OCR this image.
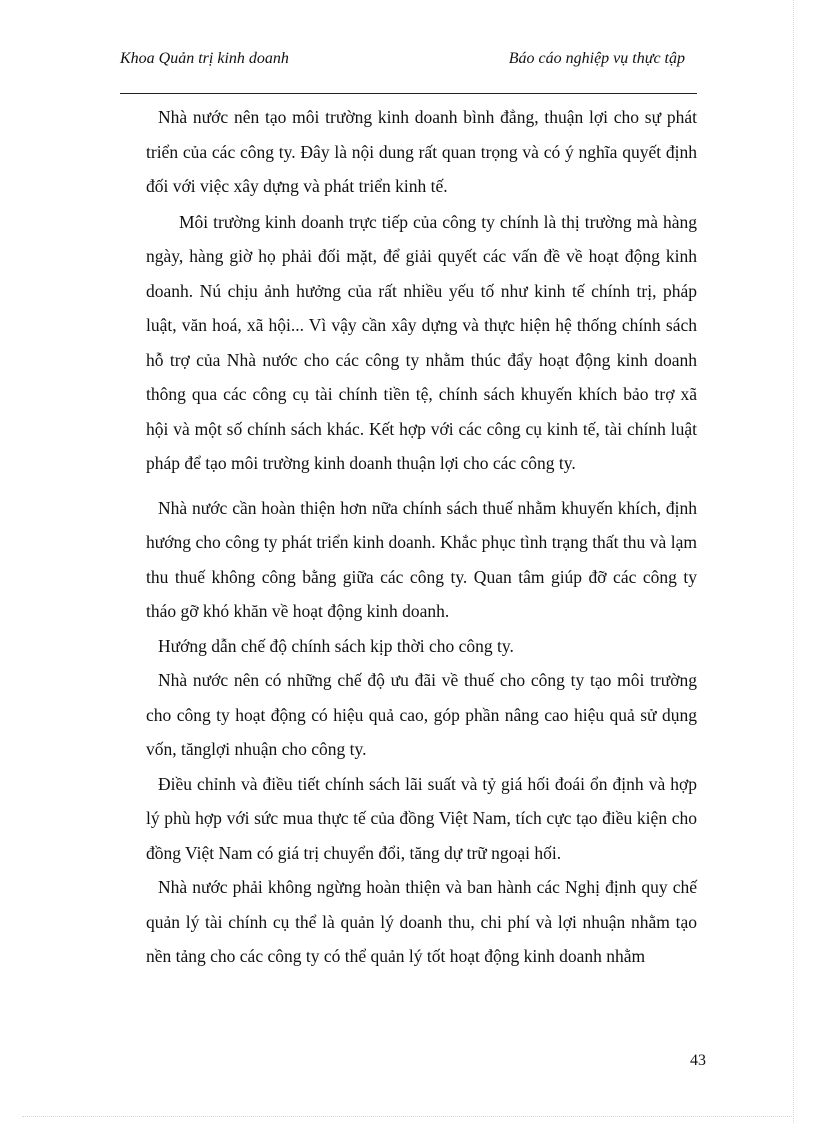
Khoa Quản trị kinh doanh	Báo cáo nghiệp vụ thực tập

Nhà nước nên tạo môi trường kinh doanh bình đẳng, thuận lợi cho sự phát triển của các công ty. Đây là nội dung rất quan trọng và có ý nghĩa quyết định đối với việc xây dựng và phát triển kinh tế.

Môi trường kinh doanh trực tiếp của công ty chính là thị trường mà hàng ngày, hàng giờ họ phải đối mặt, để giải quyết các vấn đề về hoạt động kinh doanh. Nú chịu ảnh hưởng của rất nhiều yếu tố như kinh tế chính trị, pháp luật, văn hoá, xã hội... Vì vậy cần xây dựng và thực hiện hệ thống chính sách hỗ trợ của Nhà nước cho các công ty nhằm thúc đẩy hoạt động kinh doanh thông qua các công cụ tài chính tiền tệ, chính sách khuyến khích bảo trợ xã hội và một số chính sách khác. Kết hợp với các công cụ kinh tế, tài chính luật pháp để tạo môi trường kinh doanh thuận lợi cho các công ty.

Nhà nước cần hoàn thiện hơn nữa chính sách thuế nhằm khuyến khích, định hướng cho công ty phát triển kinh doanh. Khắc phục tình trạng thất thu và lạm thu thuế không công bằng giữa các công ty. Quan tâm giúp đỡ các công ty tháo gỡ khó khăn về hoạt động kinh doanh.

Hướng dẫn chế độ chính sách kịp thời cho công ty.

Nhà nước nên có những chế độ ưu đãi về thuế cho công ty tạo môi trường cho công ty hoạt động có hiệu quả cao, góp phần nâng cao hiệu quả sử dụng vốn, tănglợi nhuận cho công ty.

Điều chỉnh và điều tiết chính sách lãi suất và tỷ giá hối đoái ổn định và hợp lý phù hợp với sức mua thực tế của đồng Việt Nam, tích cực tạo điều kiện cho đồng Việt Nam có giá trị chuyển đổi, tăng dự trữ ngoại hối.

Nhà nước phải không ngừng hoàn thiện và ban hành các Nghị định quy chế quản lý tài chính cụ thể là quản lý doanh thu, chi phí và lợi nhuận nhằm tạo nền tảng cho các công ty có thể quản lý tốt hoạt động kinh doanh nhằm

43
